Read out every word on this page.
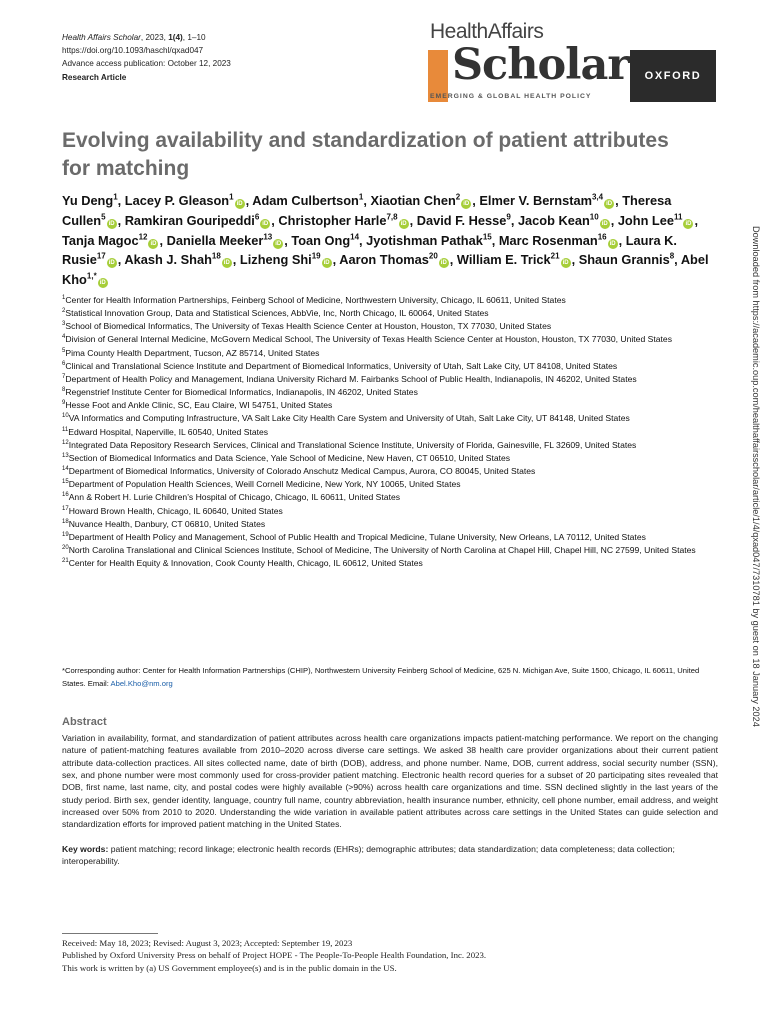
Health Affairs Scholar, 2023, 1(4), 1–10
https://doi.org/10.1093/haschl/qxad047
Advance access publication: October 12, 2023
Research Article
HealthAffairs
Scholar	OXFORD
EMERGING & GLOBAL HEALTH POLICY
Evolving availability and standardization of patient attributes for matching
Yu Deng$^1$, Lacey P. Gleason$^1$iD , Adam Culbertson$^1$, Xiaotian Chen$^2$iD , Elmer V. Bernstam$^{3,4}$iD , Theresa Cullen$^5$iD , Ramkiran Gouripeddi$^6$iD , Christopher Harle$^{7,8}$iD , David F. Hesse$^9$, Jacob Kean$^{10}$iD , John Lee$^{11}$iD , Tanja Magoc$^{12}$iD , Daniella Meeker$^{13}$iD , Toan Ong$^{14}$, Jyotishman Pathak$^{15}$, Marc Rosenman$^{16}$iD , Laura K. Rusie$^{17}$iD , Akash J. Shah$^{18}$iD , Lizheng Shi$^{19}$iD , Aaron Thomas$^{20}$iD , William E. Trick$^{21}$iD , Shaun Grannis$^8$, Abel Kho$^{1,*}$iD
$^1$Center for Health Information Partnerships, Feinberg School of Medicine, Northwestern University, Chicago, IL 60611, United States
$^2$Statistical Innovation Group, Data and Statistical Sciences, AbbVie, Inc, North Chicago, IL 60064, United States
$^3$School of Biomedical Informatics, The University of Texas Health Science Center at Houston, Houston, TX 77030, United States
$^4$Division of General Internal Medicine, McGovern Medical School, The University of Texas Health Science Center at Houston, Houston, TX 77030, United States
$^5$Pima County Health Department, Tucson, AZ 85714, United States
$^6$Clinical and Translational Science Institute and Department of Biomedical Informatics, University of Utah, Salt Lake City, UT 84108, United States
$^7$Department of Health Policy and Management, Indiana University Richard M. Fairbanks School of Public Health, Indianapolis, IN 46202, United States
$^8$Regenstrief Institute Center for Biomedical Informatics, Indianapolis, IN 46202, United States
$^9$Hesse Foot and Ankle Clinic, SC, Eau Claire, WI 54751, United States
$^{10}$VA Informatics and Computing Infrastructure, VA Salt Lake City Health Care System and University of Utah, Salt Lake City, UT 84148, United States
$^{11}$Edward Hospital, Naperville, IL 60540, United States
$^{12}$Integrated Data Repository Research Services, Clinical and Translational Science Institute, University of Florida, Gainesville, FL 32609, United States
$^{13}$Section of Biomedical Informatics and Data Science, Yale School of Medicine, New Haven, CT 06510, United States
$^{14}$Department of Biomedical Informatics, University of Colorado Anschutz Medical Campus, Aurora, CO 80045, United States
$^{15}$Department of Population Health Sciences, Weill Cornell Medicine, New York, NY 10065, United States
$^{16}$Ann & Robert H. Lurie Children’s Hospital of Chicago, Chicago, IL 60611, United States
$^{17}$Howard Brown Health, Chicago, IL 60640, United States
$^{18}$Nuvance Health, Danbury, CT 06810, United States
$^{19}$Department of Health Policy and Management, School of Public Health and Tropical Medicine, Tulane University, New Orleans, LA 70112, United States
$^{20}$North Carolina Translational and Clinical Sciences Institute, School of Medicine, The University of North Carolina at Chapel Hill, Chapel Hill, NC 27599, United States
$^{21}$Center for Health Equity & Innovation, Cook County Health, Chicago, IL 60612, United States
*Corresponding author: Center for Health Information Partnerships (CHIP), Northwestern University Feinberg School of Medicine, 625 N. Michigan Ave, Suite 1500, Chicago, IL 60611, United States. Email: Abel.Kho@nm.org
Abstract
Variation in availability, format, and standardization of patient attributes across health care organizations impacts patient-matching performance. We report on the changing nature of patient-matching features available from 2010–2020 across diverse care settings. We asked 38 health care provider organizations about their current patient attribute data-collection practices. All sites collected name, date of birth (DOB), address, and phone number. Name, DOB, current address, social security number (SSN), sex, and phone number were most commonly used for cross-provider patient matching. Electronic health record queries for a subset of 20 participating sites revealed that DOB, first name, last name, city, and postal codes were highly available (>90%) across health care organizations and time. SSN declined slightly in the last years of the study period. Birth sex, gender identity, language, country full name, country abbreviation, health insurance number, ethnicity, cell phone number, email address, and weight increased over 50% from 2010 to 2020. Understanding the wide variation in available patient attributes across care settings in the United States can guide selection and standardization efforts for improved patient matching in the United States.
Key words: patient matching; record linkage; electronic health records (EHRs); demographic attributes; data standardization; data completeness; data collection; interoperability.
Received: May 18, 2023; Revised: August 3, 2023; Accepted: September 19, 2023
Published by Oxford University Press on behalf of Project HOPE - The People-To-People Health Foundation, Inc. 2023.
This work is written by (a) US Government employee(s) and is in the public domain in the US.
Downloaded from https://academic.oup.com/healthaffairsscholar/article/1/4/qxad047/7310781 by guest on 18 January 2024
